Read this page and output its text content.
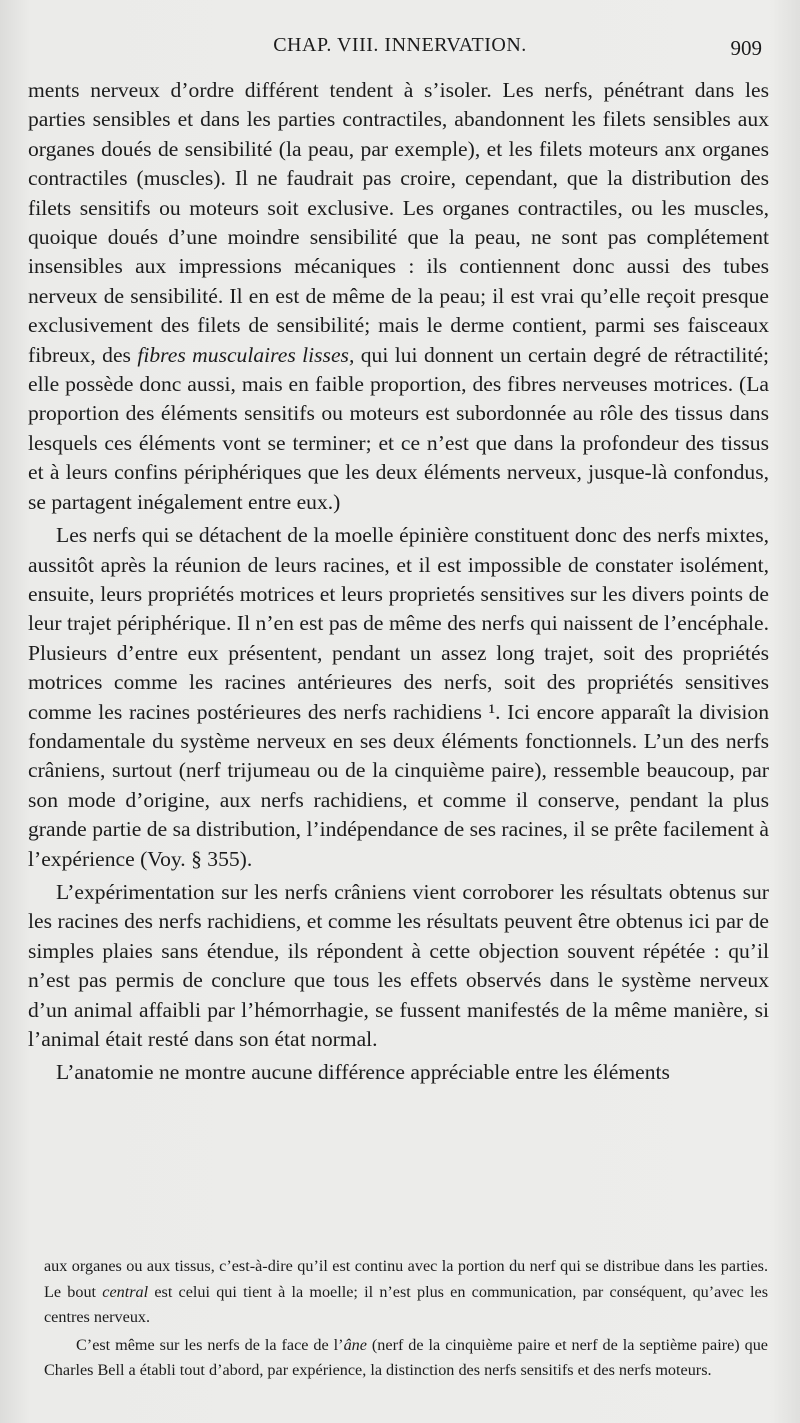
CHAP. VIII. INNERVATION.	909

ments nerveux d’ordre différent tendent à s’isoler. Les nerfs, pénétrant dans les parties sensibles et dans les parties contractiles, abandonnent les filets sensibles aux organes doués de sensibilité (la peau, par exemple), et les filets moteurs anx organes contractiles (muscles). Il ne faudrait pas croire, cependant, que la distribution des filets sensitifs ou moteurs soit exclusive. Les organes contractiles, ou les muscles, quoique doués d’une moindre sensibilité que la peau, ne sont pas complétement insensibles aux impressions mécaniques : ils contiennent donc aussi des tubes nerveux de sensibilité. Il en est de même de la peau; il est vrai qu’elle reçoit presque exclusivement des filets de sensibilité; mais le derme contient, parmi ses faisceaux fibreux, des fibres musculaires lisses, qui lui donnent un certain degré de rétractilité; elle possède donc aussi, mais en faible proportion, des fibres nerveuses motrices. (La proportion des éléments sensitifs ou moteurs est subordonnée au rôle des tissus dans lesquels ces éléments vont se terminer; et ce n’est que dans la profondeur des tissus et à leurs confins périphériques que les deux éléments nerveux, jusque-là confondus, se partagent inégalement entre eux.)

Les nerfs qui se détachent de la moelle épinière constituent donc des nerfs mixtes, aussitôt après la réunion de leurs racines, et il est impossible de constater isolément, ensuite, leurs propriétés motrices et leurs proprietés sensitives sur les divers points de leur trajet périphérique. Il n’en est pas de même des nerfs qui naissent de l’encéphale. Plusieurs d’entre eux présentent, pendant un assez long trajet, soit des propriétés motrices comme les racines antérieures des nerfs, soit des propriétés sensitives comme les racines postérieures des nerfs rachidiens ¹. Ici encore apparaît la division fondamentale du système nerveux en ses deux éléments fonctionnels. L’un des nerfs crâniens, surtout (nerf trijumeau ou de la cinquième paire), ressemble beaucoup, par son mode d’origine, aux nerfs rachidiens, et comme il conserve, pendant la plus grande partie de sa distribution, l’indépendance de ses racines, il se prête facilement à l’expérience (Voy. § 355).

L’expérimentation sur les nerfs crâniens vient corroborer les résultats obtenus sur les racines des nerfs rachidiens, et comme les résultats peuvent être obtenus ici par de simples plaies sans étendue, ils répondent à cette objection souvent répétée : qu’il n’est pas permis de conclure que tous les effets observés dans le système nerveux d’un animal affaibli par l’hémorrhagie, se fussent manifestés de la même manière, si l’animal était resté dans son état normal.

L’anatomie ne montre aucune différence appréciable entre les éléments

aux organes ou aux tissus, c’est-à-dire qu’il est continu avec la portion du nerf qui se distribue dans les parties. Le bout central est celui qui tient à la moelle; il n’est plus en communication, par conséquent, qu’avec les centres nerveux.

C’est même sur les nerfs de la face de l’âne (nerf de la cinquième paire et nerf de la septième paire) que Charles Bell a établi tout d’abord, par expérience, la distinction des nerfs sensitifs et des nerfs moteurs.
